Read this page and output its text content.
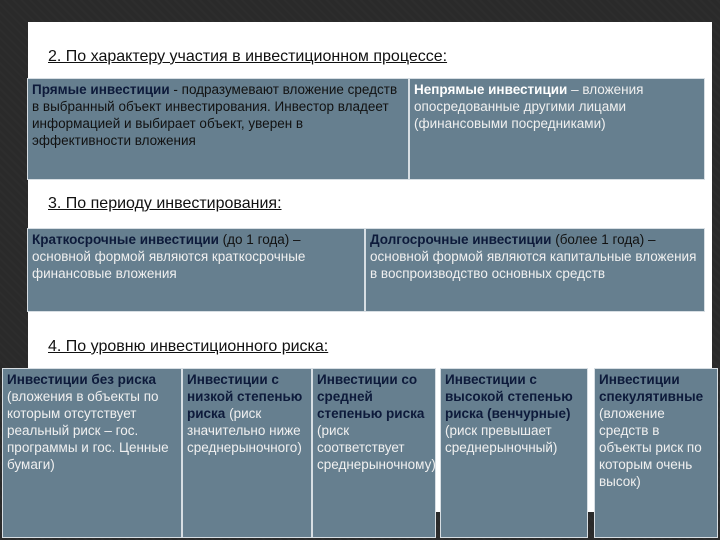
2. По характеру участия в инвестиционном процессе:
Прямые инвестиции - подразумевают вложение средств в выбранный объект инвестирования. Инвестор владеет информацией и выбирает объект, уверен в эффективности вложения
Непрямые инвестиции – вложения опосредованные другими лицами (финансовыми посредниками)
3. По периоду инвестирования:
Краткосрочные инвестиции (до 1 года) – основной формой являются краткосрочные финансовые вложения
Долгосрочные инвестиции (более 1 года) – основной формой являются капитальные вложения в воспроизводство основных средств
4. По уровню инвестиционного риска:
Инвестиции без риска (вложения в объекты по которым отсутствует реальный риск – гос. программы и гос. Ценные бумаги)
Инвестиции с низкой степенью риска (риск значительно ниже среднерыночного)
Инвестиции со средней степенью риска (риск соответствует среднерыночному)
Инвестиции с высокой степенью риска (венчурные) (риск превышает среднерыночный)
Инвестиции спекулятивные (вложение средств в объекты риск по которым очень высок)
